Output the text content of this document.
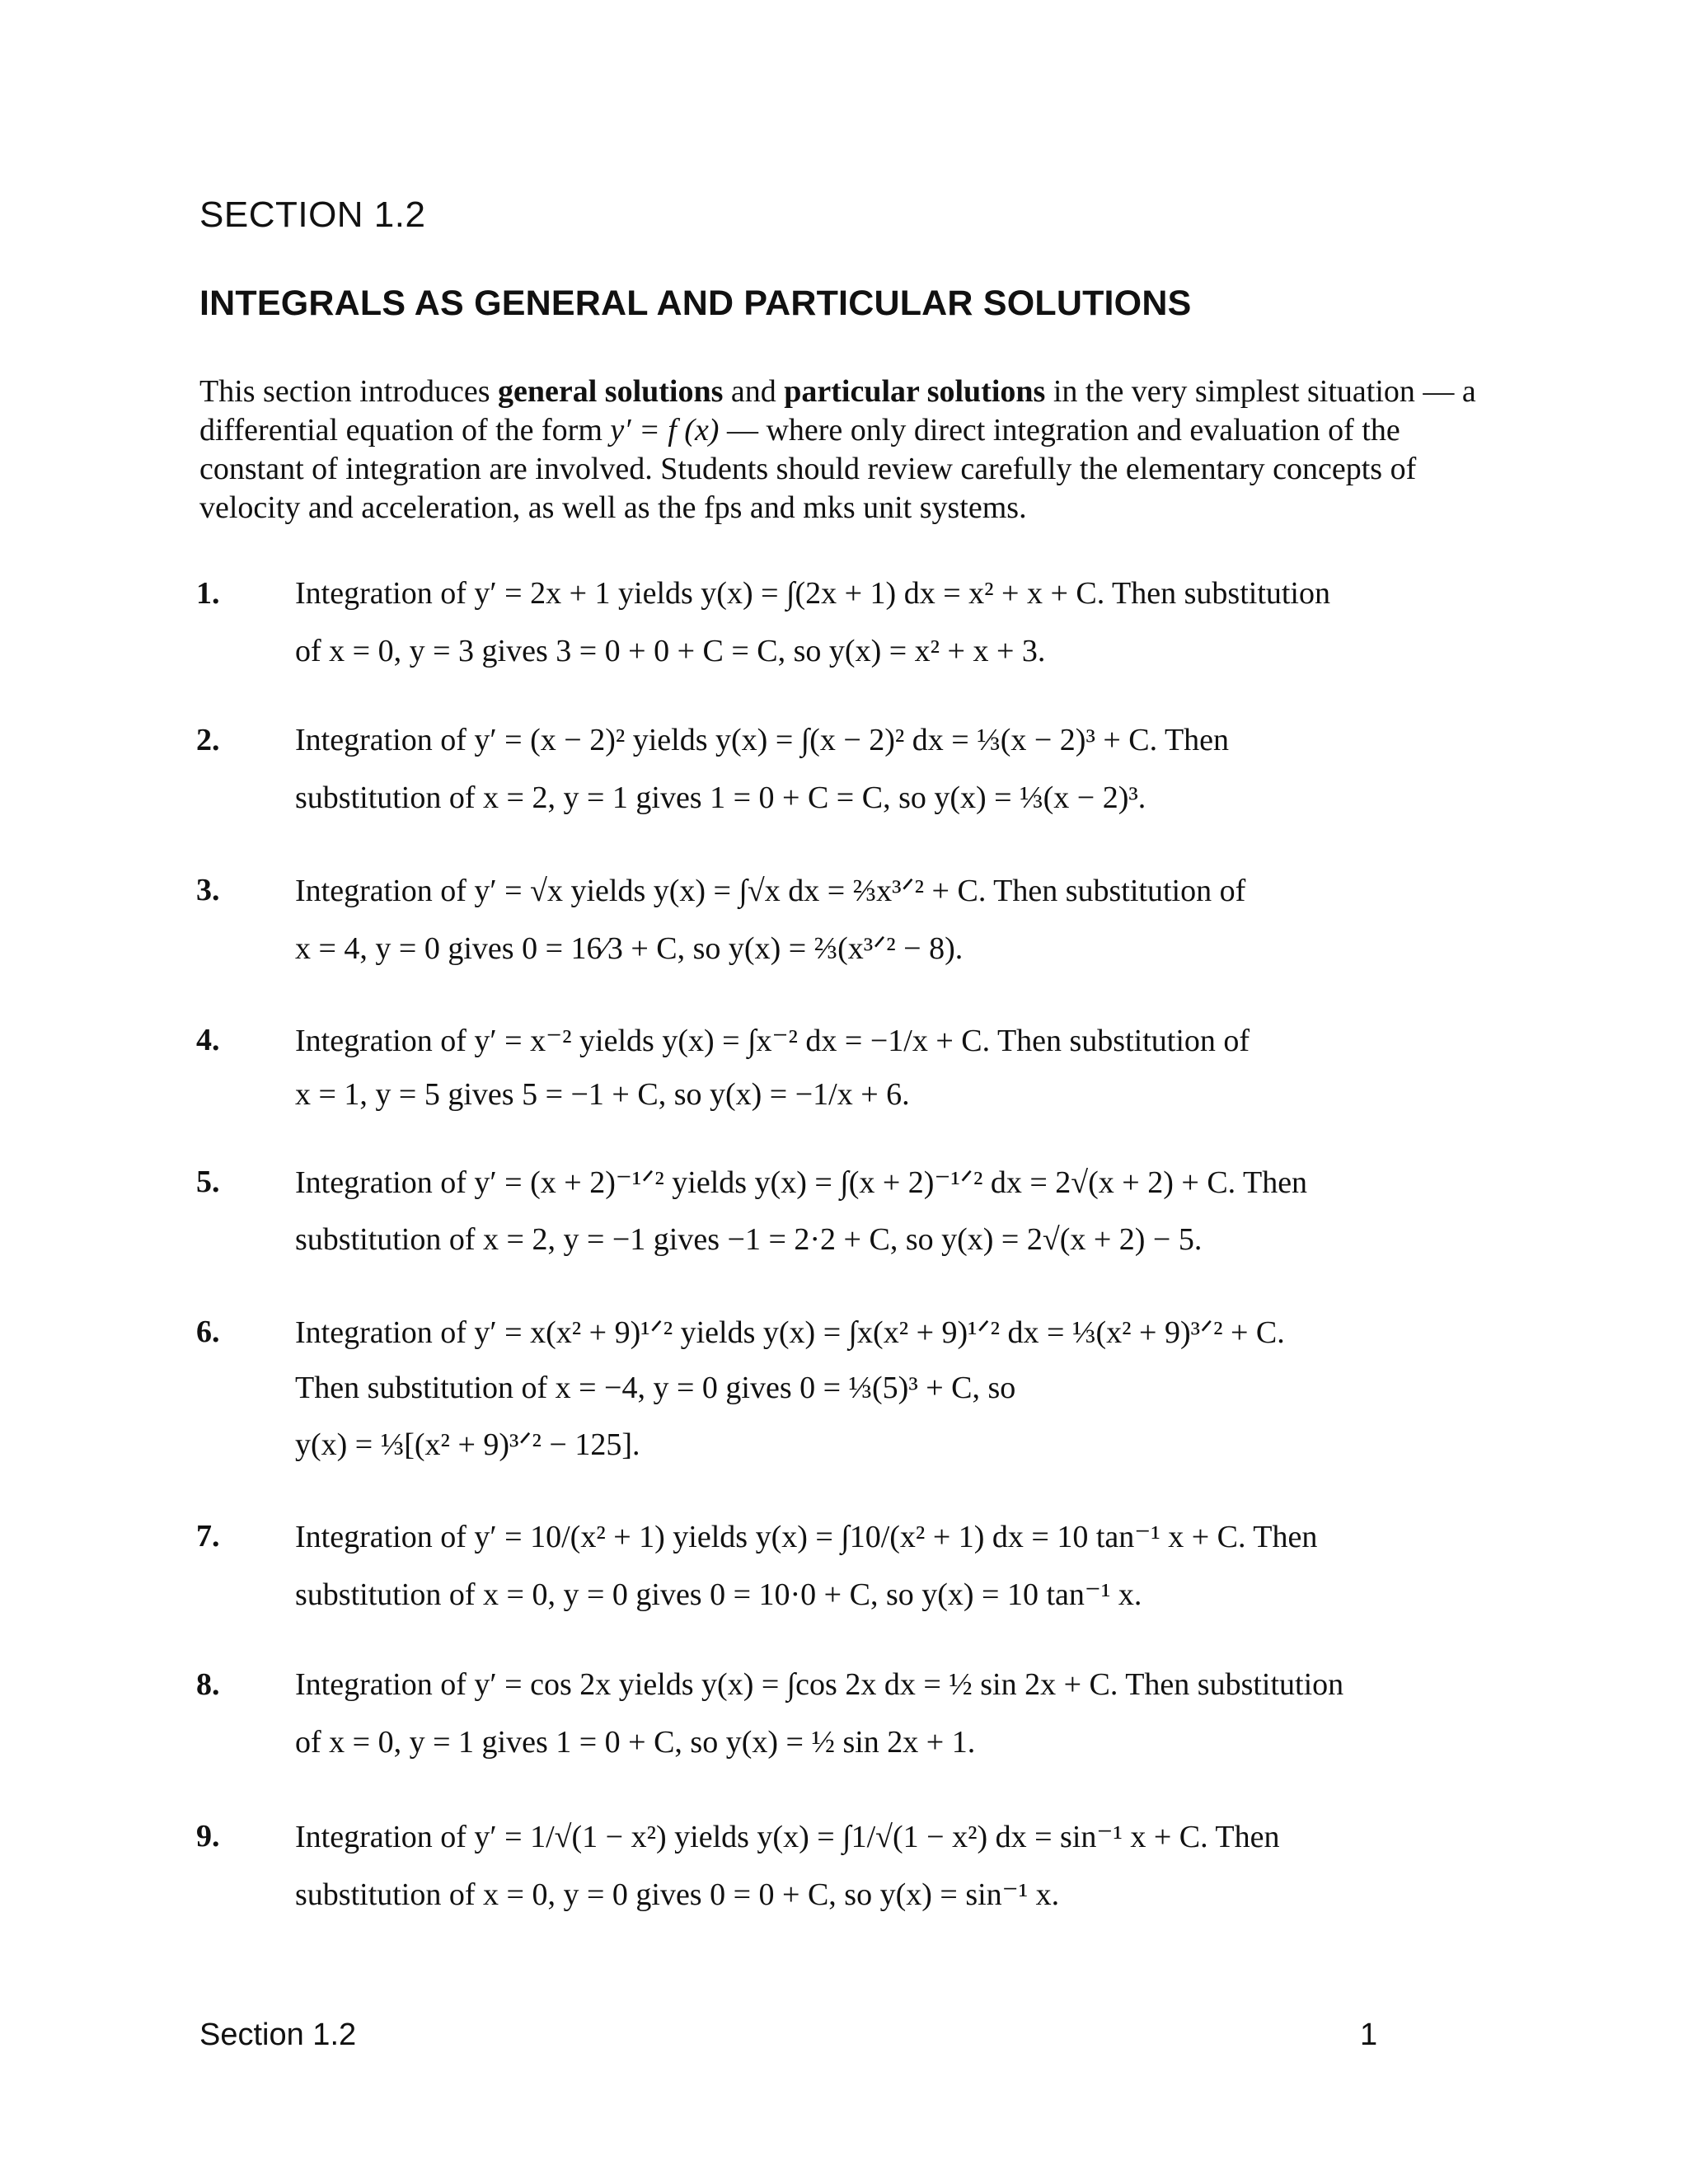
SECTION 1.2
INTEGRALS AS GENERAL AND PARTICULAR SOLUTIONS
This section introduces general solutions and particular solutions in the very simplest situation — a differential equation of the form y′ = f (x) — where only direct integration and evaluation of the constant of integration are involved. Students should review carefully the elementary concepts of velocity and acceleration, as well as the fps and mks unit systems.
1. Integration of y′ = 2x + 1 yields y(x) = ∫(2x + 1) dx = x² + x + C. Then substitution
of x = 0, y = 3 gives 3 = 0 + 0 + C = C, so y(x) = x² + x + 3.
2. Integration of y′ = (x − 2)² yields y(x) = ∫(x − 2)² dx = ⅓(x − 2)³ + C. Then
substitution of x = 2, y = 1 gives 1 = 0 + C = C, so y(x) = ⅓(x − 2)³.
3. Integration of y′ = √x yields y(x) = ∫√x dx = ⅔x³ᐟ² + C. Then substitution of
x = 4, y = 0 gives 0 = 16⁄3 + C, so y(x) = ⅔(x³ᐟ² − 8).
4. Integration of y′ = x⁻² yields y(x) = ∫x⁻² dx = −1/x + C. Then substitution of
x = 1, y = 5 gives 5 = −1 + C, so y(x) = −1/x + 6.
5. Integration of y′ = (x + 2)⁻¹ᐟ² yields y(x) = ∫(x + 2)⁻¹ᐟ² dx = 2√(x + 2) + C. Then
substitution of x = 2, y = −1 gives −1 = 2·2 + C, so y(x) = 2√(x + 2) − 5.
6. Integration of y′ = x(x² + 9)¹ᐟ² yields y(x) = ∫x(x² + 9)¹ᐟ² dx = ⅓(x² + 9)³ᐟ² + C.
Then substitution of x = −4, y = 0 gives 0 = ⅓(5)³ + C, so
y(x) = ⅓[(x² + 9)³ᐟ² − 125].
7. Integration of y′ = 10/(x² + 1) yields y(x) = ∫10/(x² + 1) dx = 10 tan⁻¹ x + C. Then
substitution of x = 0, y = 0 gives 0 = 10·0 + C, so y(x) = 10 tan⁻¹ x.
8. Integration of y′ = cos 2x yields y(x) = ∫cos 2x dx = ½ sin 2x + C. Then substitution
of x = 0, y = 1 gives 1 = 0 + C, so y(x) = ½ sin 2x + 1.
9. Integration of y′ = 1/√(1 − x²) yields y(x) = ∫1/√(1 − x²) dx = sin⁻¹ x + C. Then
substitution of x = 0, y = 0 gives 0 = 0 + C, so y(x) = sin⁻¹ x.
Section 1.2	1
